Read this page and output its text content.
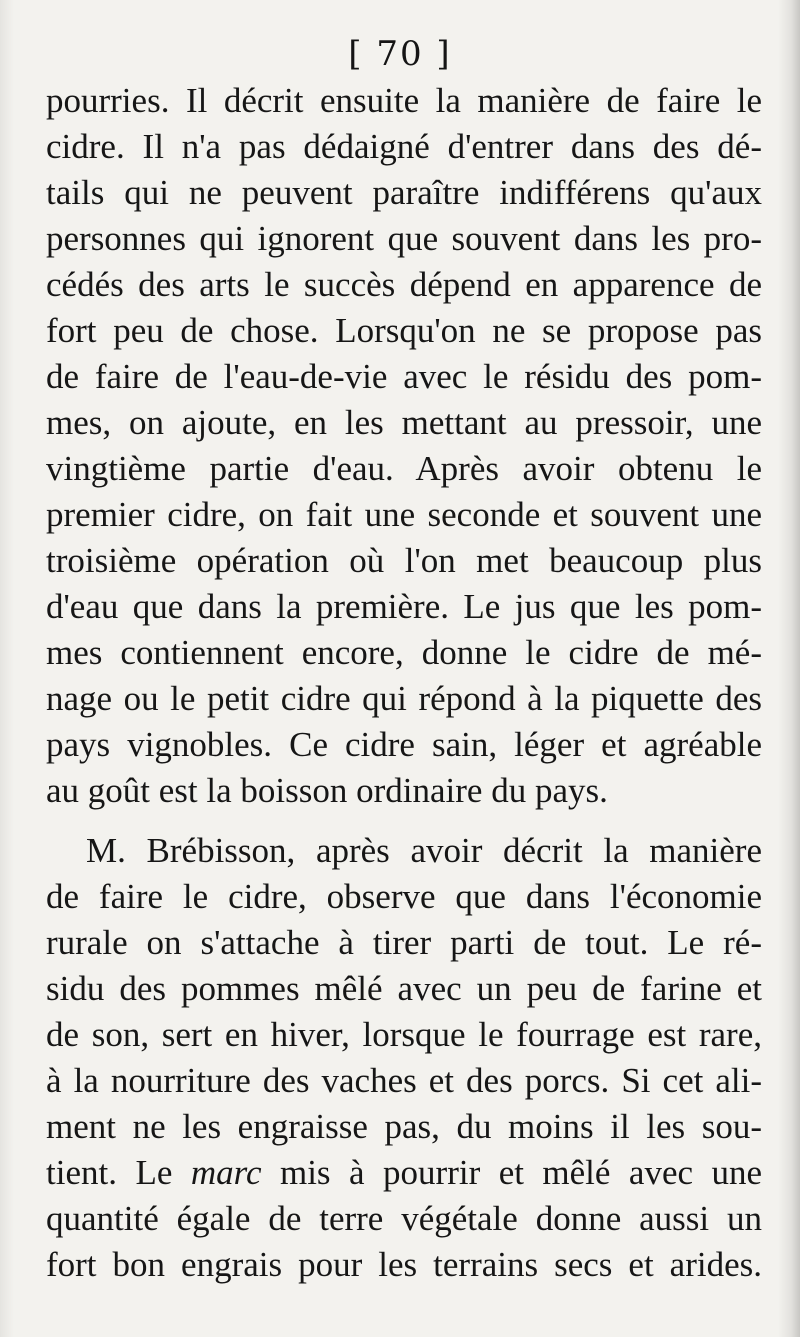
[ 70 ]
pourries. Il décrit ensuite la manière de faire le
cidre. Il n'a pas dédaigné d'entrer dans des dé-
tails qui ne peuvent paraître indifférens qu'aux
personnes qui ignorent que souvent dans les pro-
cédés des arts le succès dépend en apparence de
fort peu de chose. Lorsqu'on ne se propose pas
de faire de l'eau-de-vie avec le résidu des pom-
mes, on ajoute, en les mettant au pressoir, une
vingtième partie d'eau. Après avoir obtenu le
premier cidre, on fait une seconde et souvent une
troisième opération où l'on met beaucoup plus
d'eau que dans la première. Le jus que les pom-
mes contiennent encore, donne le cidre de mé-
nage ou le petit cidre qui répond à la piquette des
pays vignobles. Ce cidre sain, léger et agréable
au goût est la boisson ordinaire du pays.
M. Brébisson, après avoir décrit la manière
de faire le cidre, observe que dans l'économie
rurale on s'attache à tirer parti de tout. Le ré-
sidu des pommes mêlé avec un peu de farine et
de son, sert en hiver, lorsque le fourrage est rare,
à la nourriture des vaches et des porcs. Si cet ali-
ment ne les engraisse pas, du moins il les sou-
tient. Le marc mis à pourrir et mêlé avec une
quantité égale de terre végétale donne aussi un
fort bon engrais pour les terrains secs et arides.
